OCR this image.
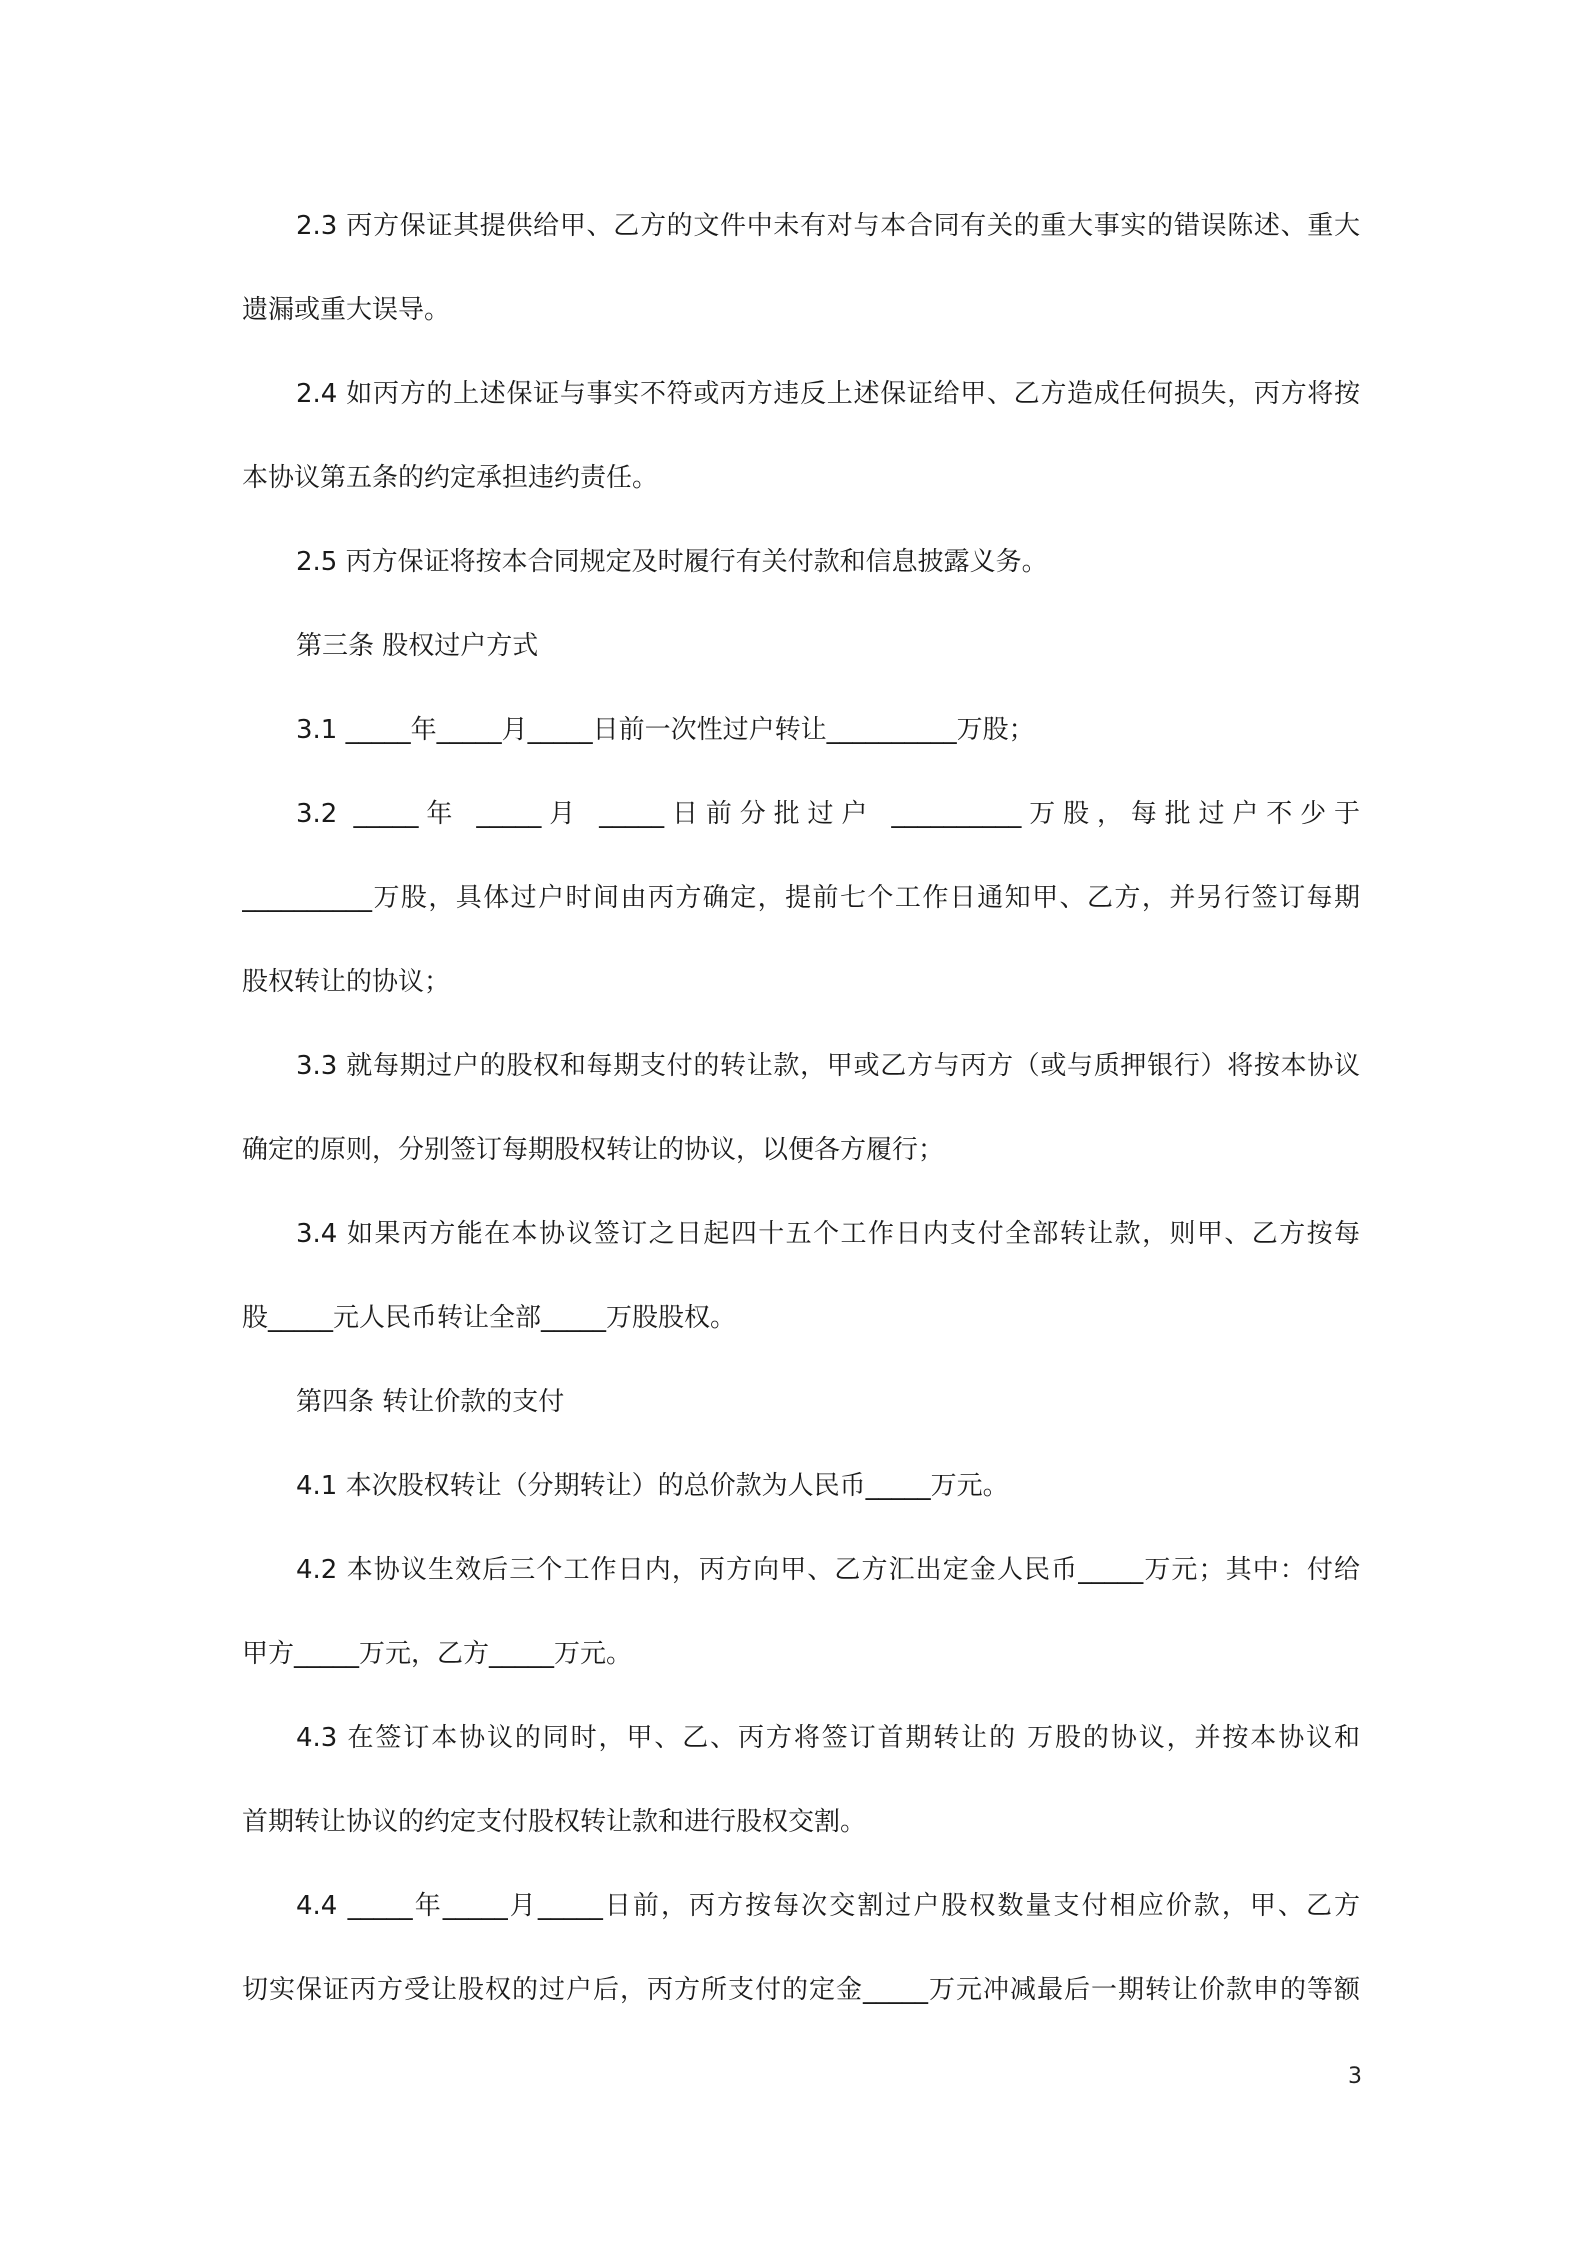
2.3 丙方保证其提供给甲、乙方的文件中未有对与本合同有关的重大事实的错误陈述、重大
遗漏或重大误导。
2.4 如丙方的上述保证与事实不符或丙方违反上述保证给甲、乙方造成任何损失，丙方将按
本协议第五条的约定承担违约责任。
2.5 丙方保证将按本合同规定及时履行有关付款和信息披露义务。
第三条 股权过户方式
3.1 _____年_____月_____日前一次性过户转让__________万股；
3.2 _____年 _____月 _____日前分批过户 __________万股，每批过户不少于
__________万股，具体过户时间由丙方确定，提前七个工作日通知甲、乙方，并另行签订每期
股权转让的协议；
3.3 就每期过户的股权和每期支付的转让款，甲或乙方与丙方（或与质押银行）将按本协议
确定的原则，分别签订每期股权转让的协议，以便各方履行；
3.4 如果丙方能在本协议签订之日起四十五个工作日内支付全部转让款，则甲、乙方按每
股_____元人民币转让全部_____万股股权。
第四条 转让价款的支付
4.1 本次股权转让（分期转让）的总价款为人民币_____万元。
4.2 本协议生效后三个工作日内，丙方向甲、乙方汇出定金人民币_____万元；其中：付给
甲方_____万元，乙方_____万元。
4.3 在签订本协议的同时，甲、乙、丙方将签订首期转让的 万股的协议，并按本协议和
首期转让协议的约定支付股权转让款和进行股权交割。
4.4 _____年_____月_____日前，丙方按每次交割过户股权数量支付相应价款，甲、乙方
切实保证丙方受让股权的过户后，丙方所支付的定金_____万元冲减最后一期转让价款申的等额
3
